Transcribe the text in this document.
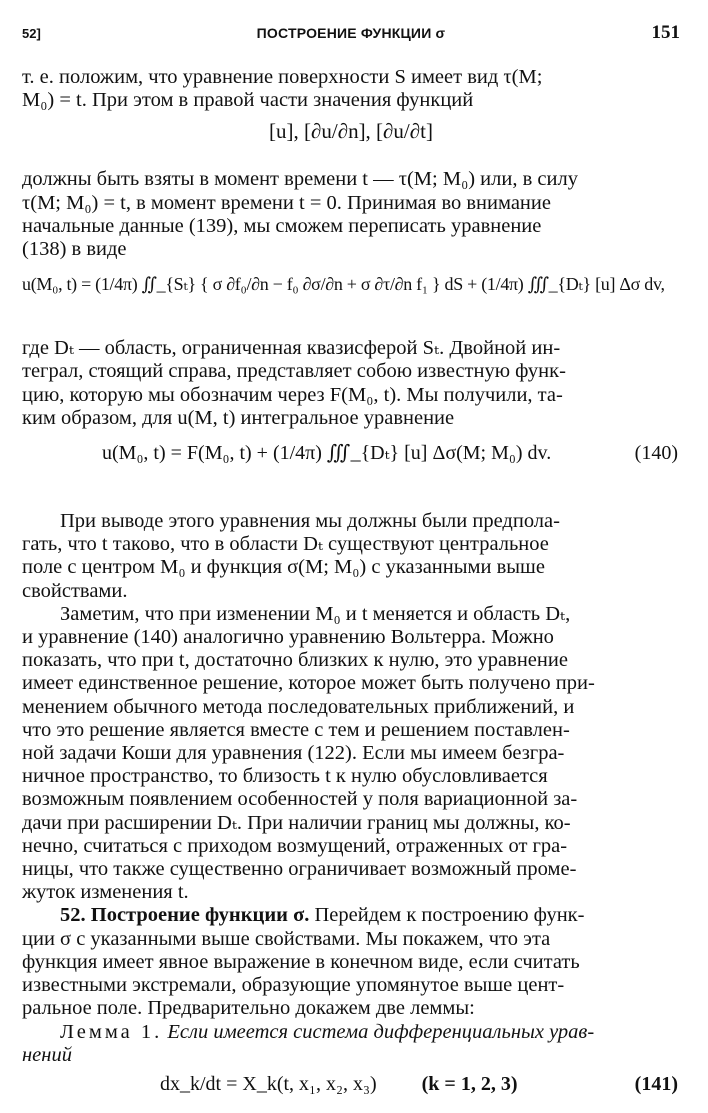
52]	ПОСТРОЕНИЕ ФУНКЦИИ σ	151

т. е. положим, что уравнение поверхности S имеет вид τ(M;

M₀) = t. При этом в правой части значения функций

[u], [∂u/∂n], [∂u/∂t]

должны быть взяты в момент времени t — τ(M; M₀) или, в силу

τ(M; M₀) = t, в момент времени t = 0. Принимая во внимание

начальные данные (139), мы сможем переписать уравнение

(138) в виде

u(M₀, t) = (1/4π) ∬_{Sₜ} { σ ∂f₀/∂n − f₀ ∂σ/∂n + σ ∂τ/∂n f₁ } dS + (1/4π) ∭_{Dₜ} [u] Δσ dv,

где Dₜ — область, ограниченная квазисферой Sₜ. Двойной ин-

теграл, стоящий справа, представляет собою известную функ-

цию, которую мы обозначим через F(M₀, t). Мы получили, та-

ким образом, для u(M, t) интегральное уравнение

u(M₀, t) = F(M₀, t) + (1/4π) ∭_{Dₜ} [u] Δσ(M; M₀) dv.	(140)

При выводе этого уравнения мы должны были предпола-

гать, что t таково, что в области Dₜ существуют центральное

поле с центром M₀ и функция σ(M; M₀) с указанными выше

свойствами.

Заметим, что при изменении M₀ и t меняется и область Dₜ,

и уравнение (140) аналогично уравнению Вольтерра. Можно

показать, что при t, достаточно близких к нулю, это уравнение

имеет единственное решение, которое может быть получено при-

менением обычного метода последовательных приближений, и

что это решение является вместе с тем и решением поставлен-

ной задачи Коши для уравнения (122). Если мы имеем безгра-

ничное пространство, то близость t к нулю обусловливается

возможным появлением особенностей у поля вариационной за-

дачи при расширении Dₜ. При наличии границ мы должны, ко-

нечно, считаться с приходом возмущений, отраженных от гра-

ницы, что также существенно ограничивает возможный проме-

жуток изменения t.

52. Построение функции σ. Перейдем к построению функ-

ции σ с указанными выше свойствами. Мы покажем, что эта

функция имеет явное выражение в конечном виде, если считать

известными экстремали, образующие упомянутое выше цент-

ральное поле. Предварительно докажем две леммы:

Лемма 1. Если имеется система дифференциальных урав-

нений

dx_k/dt = X_k(t, x₁, x₂, x₃) (k = 1, 2, 3)	(141)
